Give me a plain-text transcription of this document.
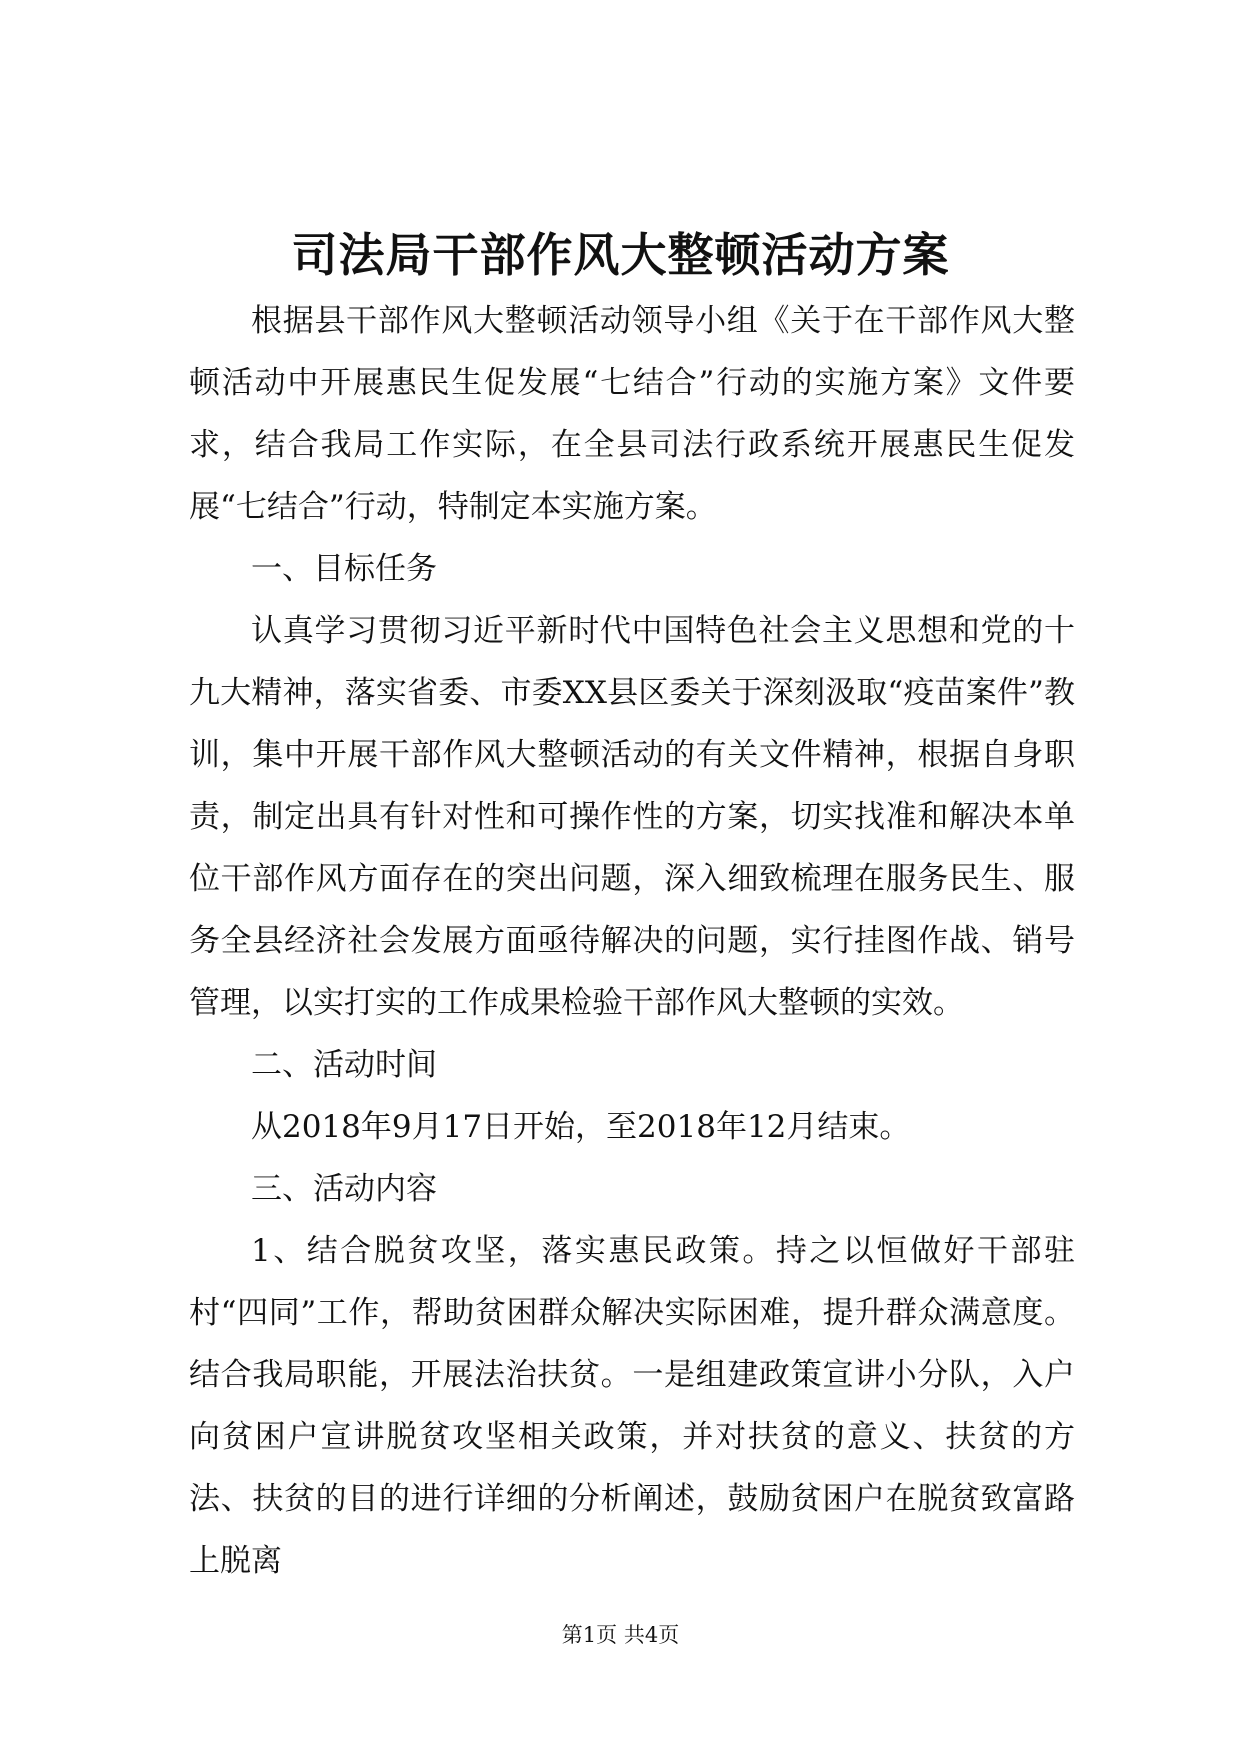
司法局干部作风大整顿活动方案

根据县干部作风大整顿活动领导小组《关于在干部作风大整顿活动中开展惠民生促发展“七结合”行动的实施方案》文件要求，结合我局工作实际，在全县司法行政系统开展惠民生促发展“七结合”行动，特制定本实施方案。

一、目标任务

认真学习贯彻习近平新时代中国特色社会主义思想和党的十九大精神，落实省委、市委XX县区委关于深刻汲取“疫苗案件”教训，集中开展干部作风大整顿活动的有关文件精神，根据自身职责，制定出具有针对性和可操作性的方案，切实找准和解决本单位干部作风方面存在的突出问题，深入细致梳理在服务民生、服务全县经济社会发展方面亟待解决的问题，实行挂图作战、销号管理，以实打实的工作成果检验干部作风大整顿的实效。

二、活动时间

从2018年9月17日开始，至2018年12月结束。

三、活动内容

1、结合脱贫攻坚，落实惠民政策。持之以恒做好干部驻村“四同”工作，帮助贫困群众解决实际困难，提升群众满意度。结合我局职能，开展法治扶贫。一是组建政策宣讲小分队，入户向贫困户宣讲脱贫攻坚相关政策，并对扶贫的意义、扶贫的方法、扶贫的目的进行详细的分析阐述，鼓励贫困户在脱贫致富路上脱离

第1页 共4页
